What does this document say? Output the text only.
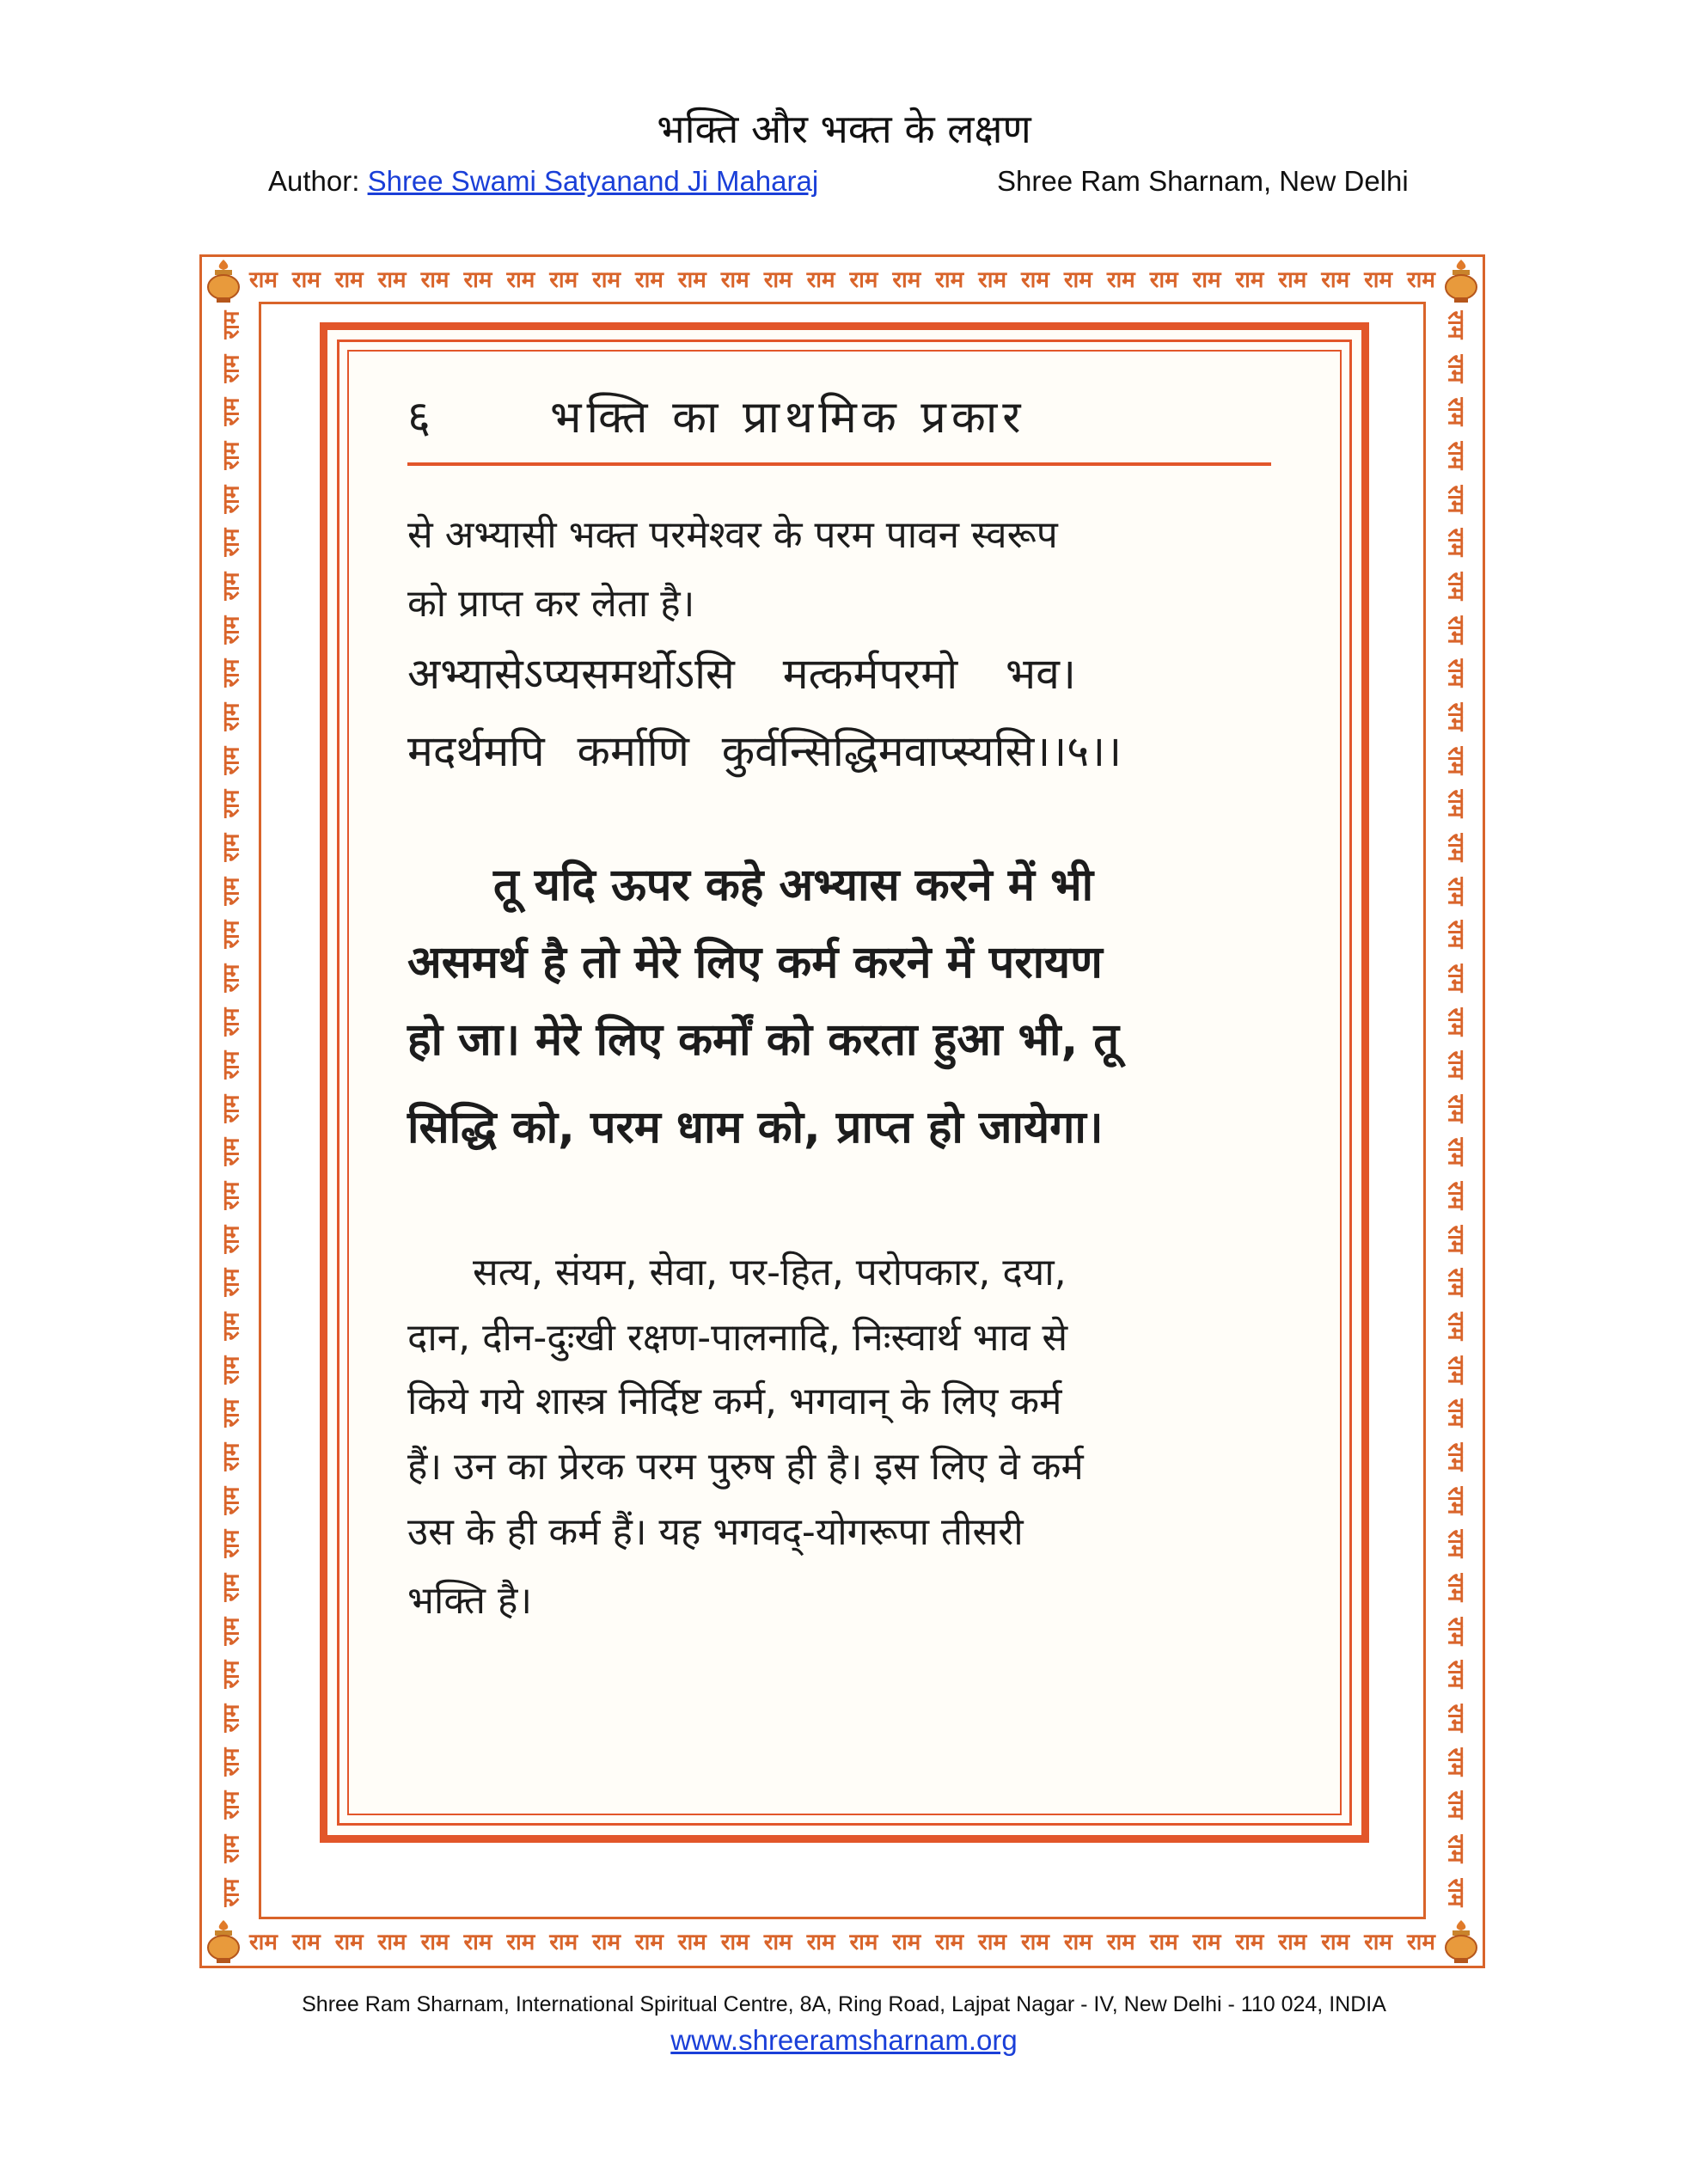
भक्ति और भक्त के लक्षण
Author: Shree Swami Satyanand Ji Maharaj	Shree Ram Sharnam, New Delhi
राम राम राम राम राम राम राम राम राम राम राम राम राम राम राम राम राम राम राम राम राम राम राम राम राम राम राम राम
राम राम राम राम राम राम राम राम राम राम राम राम राम राम राम राम राम राम राम राम राम राम राम राम राम राम राम राम
राम
राम
राम
राम
राम
राम
राम
राम
राम
राम
राम
राम
राम
राम
राम
राम
राम
राम
राम
राम
राम
राम
राम
राम
राम
राम
राम
राम
राम
राम
राम
राम
राम
राम
राम
राम
राम
राम
राम
राम
राम
राम
राम
राम
राम
राम
राम
राम
राम
राम
राम
राम
राम
राम
राम
राम
राम
राम
राम
राम
राम
राम
राम
राम
राम
राम
राम
राम
राम
राम
राम
राम
राम
राम
६	भक्ति का प्राथमिक प्रकार
से अभ्यासी भक्त परमेश्वर के परम पावन स्वरूप
को प्राप्त कर लेता है।
अभ्यासेऽप्यसमर्थोऽसि मत्कर्मपरमो भव।
मदर्थमपि कर्माणि कुर्वन्सिद्धिमवाप्स्यसि।।५।।
तू यदि ऊपर कहे अभ्यास करने में भी
असमर्थ है तो मेरे लिए कर्म करने में परायण
हो जा। मेरे लिए कर्मों को करता हुआ भी, तू
सिद्धि को, परम धाम को, प्राप्त हो जायेगा।
सत्य, संयम, सेवा, पर-हित, परोपकार, दया,
दान, दीन-दुःखी रक्षण-पालनादि, निःस्वार्थ भाव से
किये गये शास्त्र निर्दिष्ट कर्म, भगवान् के लिए कर्म
हैं। उन का प्रेरक परम पुरुष ही है। इस लिए वे कर्म
उस के ही कर्म हैं। यह भगवद्-योगरूपा तीसरी
भक्ति है।
Shree Ram Sharnam, International Spiritual Centre, 8A, Ring Road, Lajpat Nagar - IV, New Delhi - 110 024, INDIA
www.shreeramsharnam.org
